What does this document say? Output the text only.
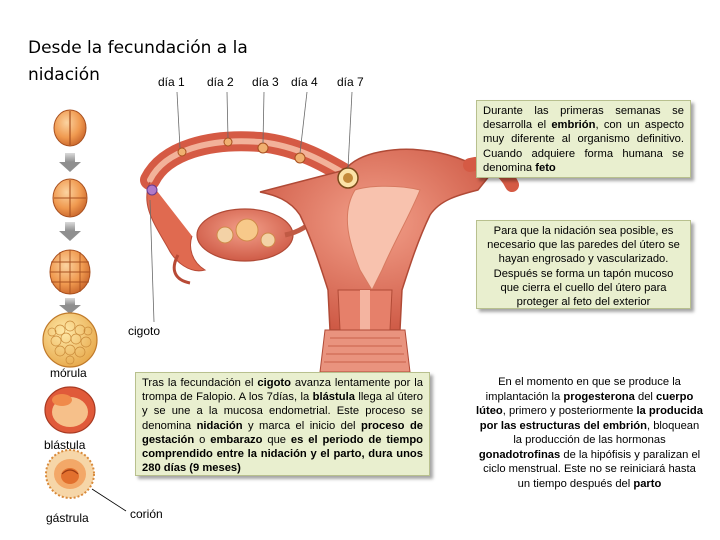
Desde la fecundación a la
nidación	día 1 día 2 día 3 día 4 día 7
Durante las primeras semanas se desarrolla el embrión, con un aspecto muy diferente al organismo definitivo. Cuando adquiere forma humana se denomina feto
Para que la nidación sea posible, es necesario que las paredes del útero se hayan engrosado y vascularizado. Después se forma un tapón mucoso que cierra el cuello del útero para proteger al feto del exterior
Tras la fecundación el cigoto avanza lentamente por la trompa de Falopio. A los 7días, la blástula llega al útero y se une a la mucosa endometrial. Este proceso se denomina nidación y marca el inicio del proceso de gestación o embarazo que es el periodo de tiempo comprendido entre la nidación y el parto, dura unos 280 días (9 meses)
En el momento en que se produce la implantación la progesterona del cuerpo lúteo, primero y posteriormente la producida por las estructuras del embrión, bloquean la producción de las hormonas gonadotrofinas de la hipófisis y paralizan el ciclo menstrual. Este no se reiniciará hasta un tiempo después del parto
cigoto
mórula
blástula
gástrula	corión
